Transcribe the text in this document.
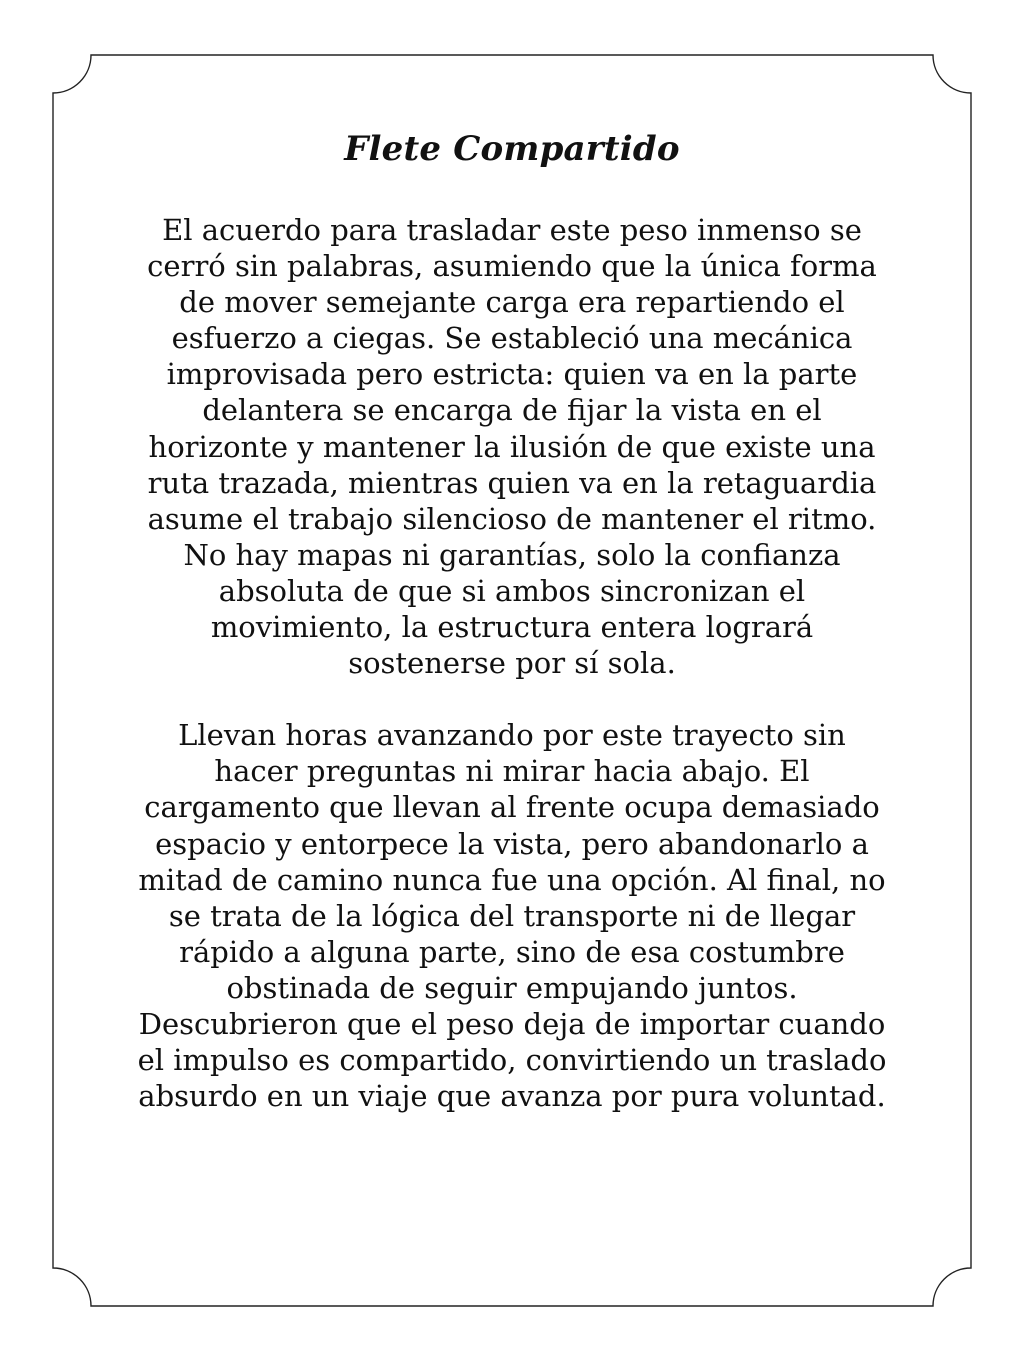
Flete Compartido

El acuerdo para trasladar este peso inmenso se
cerró sin palabras, asumiendo que la única forma
de mover semejante carga era repartiendo el
esfuerzo a ciegas. Se estableció una mecánica
improvisada pero estricta: quien va en la parte
delantera se encarga de fijar la vista en el
horizonte y mantener la ilusión de que existe una
ruta trazada, mientras quien va en la retaguardia
asume el trabajo silencioso de mantener el ritmo.
No hay mapas ni garantías, solo la confianza
absoluta de que si ambos sincronizan el
movimiento, la estructura entera logrará
sostenerse por sí sola.

Llevan horas avanzando por este trayecto sin
hacer preguntas ni mirar hacia abajo. El
cargamento que llevan al frente ocupa demasiado
espacio y entorpece la vista, pero abandonarlo a
mitad de camino nunca fue una opción. Al final, no
se trata de la lógica del transporte ni de llegar
rápido a alguna parte, sino de esa costumbre
obstinada de seguir empujando juntos.
Descubrieron que el peso deja de importar cuando
el impulso es compartido, convirtiendo un traslado
absurdo en un viaje que avanza por pura voluntad.
